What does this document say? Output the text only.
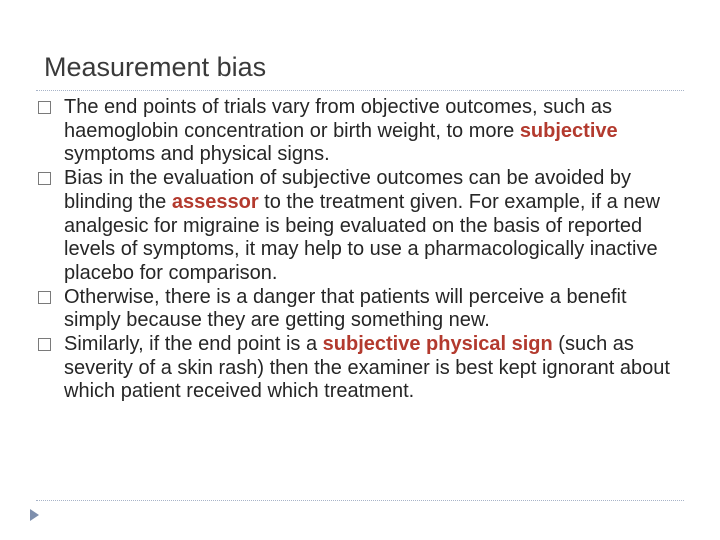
Measurement bias
The end points of trials vary from objective outcomes, such as haemoglobin concentration or birth weight, to more subjective symptoms and physical signs.
Bias in the evaluation of subjective outcomes can be avoided by blinding the assessor to the treatment given. For example, if a new analgesic for migraine is being evaluated on the basis of reported levels of symptoms, it may help to use a pharmacologically inactive placebo for comparison.
Otherwise, there is a danger that patients will perceive a benefit simply because they are getting something new.
Similarly, if the end point is a subjective physical sign (such as severity of a skin rash) then the examiner is best kept ignorant about which patient received which treatment.
